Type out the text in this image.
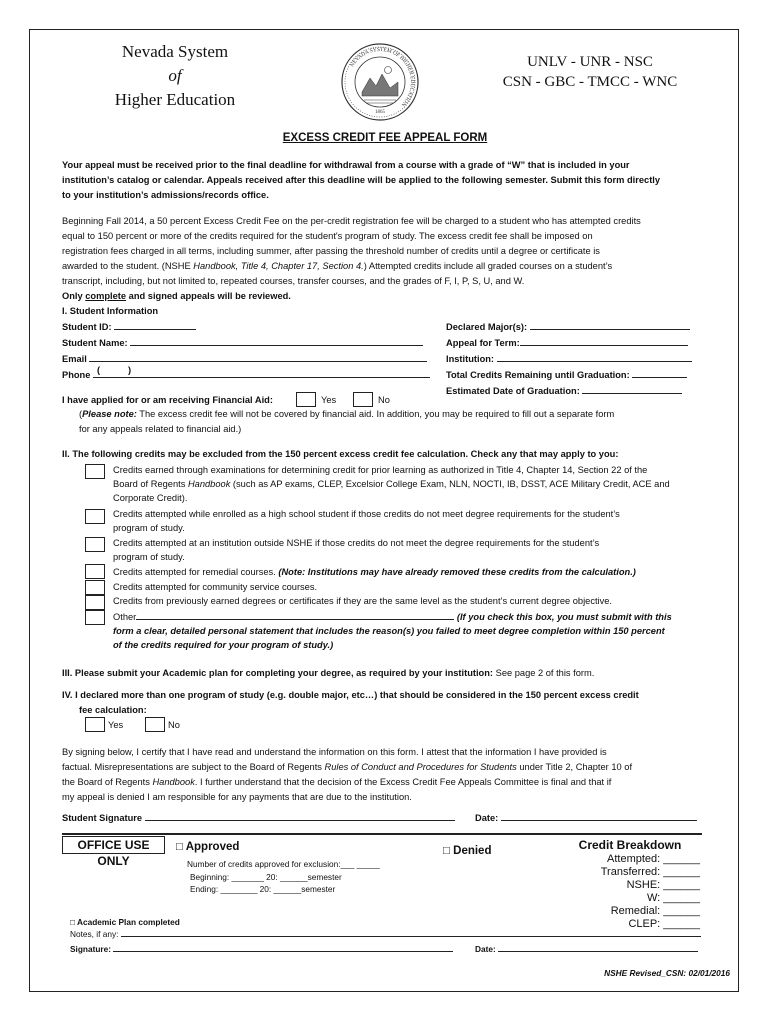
Nevada System
of
Higher Education
NEVADA SYSTEM OF HIGHER EDUCATION
1865
UNLV - UNR - NSC
CSN - GBC - TMCC - WNC
EXCESS CREDIT FEE APPEAL FORM
Your appeal must be received prior to the final deadline for withdrawal from a course with a grade of “W” that is included in your
institution’s catalog or calendar. Appeals received after this deadline will be applied to the following semester. Submit this form directly
to your institution’s admissions/records office.
Beginning Fall 2014, a 50 percent Excess Credit Fee on the per-credit registration fee will be charged to a student who has attempted credits
equal to 150 percent or more of the credits required for the student's program of study. The excess credit fee shall be imposed on
registration fees charged in all terms, including summer, after passing the threshold number of credits until a degree or certificate is
awarded to the student. (NSHE Handbook, Title 4, Chapter 17, Section 4.) Attempted credits include all graded courses on a student’s
transcript, including, but not limited to, repeated courses, transfer courses, and the grades of F, I, P, S, U, and W.
Only complete and signed appeals will be reviewed.
I. Student Information
Student ID:
Student Name:
Email
Phone (	)
Declared Major(s):
Appeal for Term:
Institution:
Total Credits Remaining until Graduation:
Estimated Date of Graduation:
I have applied for or am receiving Financial Aid:	Yes	No
(Please note: The excess credit fee will not be covered by financial aid. In addition, you may be required to fill out a separate form
for any appeals related to financial aid.)
II. The following credits may be excluded from the 150 percent excess credit fee calculation. Check any that may apply to you:
Credits earned through examinations for determining credit for prior learning as authorized in Title 4, Chapter 14, Section 22 of the
Board of Regents Handbook (such as AP exams, CLEP, Excelsior College Exam, NLN, NOCTI, IB, DSST, ACE Military Credit, ACE and
Corporate Credit).
Credits attempted while enrolled as a high school student if those credits do not meet degree requirements for the student’s
program of study.
Credits attempted at an institution outside NSHE if those credits do not meet the degree requirements for the student’s
program of study.
Credits attempted for remedial courses. (Note: Institutions may have already removed these credits from the calculation.)
Credits attempted for community service courses.
Credits from previously earned degrees or certificates if they are the same level as the student’s current degree objective.
Other	(If you check this box, you must submit with this
form a clear, detailed personal statement that includes the reason(s) you failed to meet degree completion within 150 percent
of the credits required for your program of study.)
III. Please submit your Academic plan for completing your degree, as required by your institution: See page 2 of this form.
IV. I declared more than one program of study (e.g. double major, etc…) that should be considered in the 150 percent excess credit
fee calculation:
Yes	No
By signing below, I certify that I have read and understand the information on this form. I attest that the information I have provided is
factual. Misrepresentations are subject to the Board of Regents Rules of Conduct and Procedures for Students under Title 2, Chapter 10 of
the Board of Regents Handbook. I further understand that the decision of the Excess Credit Fee Appeals Committee is final and that if
my appeal is denied I am responsible for any payments that are due to the institution.
Student Signature	Date:
OFFICE USE ONLY
□ Approved
Number of credits approved for exclusion:___ _____
Beginning: _______ 20: ______semester
Ending: ________ 20: ______semester
□ Denied	Credit Breakdown
Attempted: ______
Transferred: ______
NSHE: ______
W: ______
Remedial: ______
CLEP: ______
□ Academic Plan completed
Notes, if any:
Signature:	Date:
NSHE Revised_CSN: 02/01/2016
